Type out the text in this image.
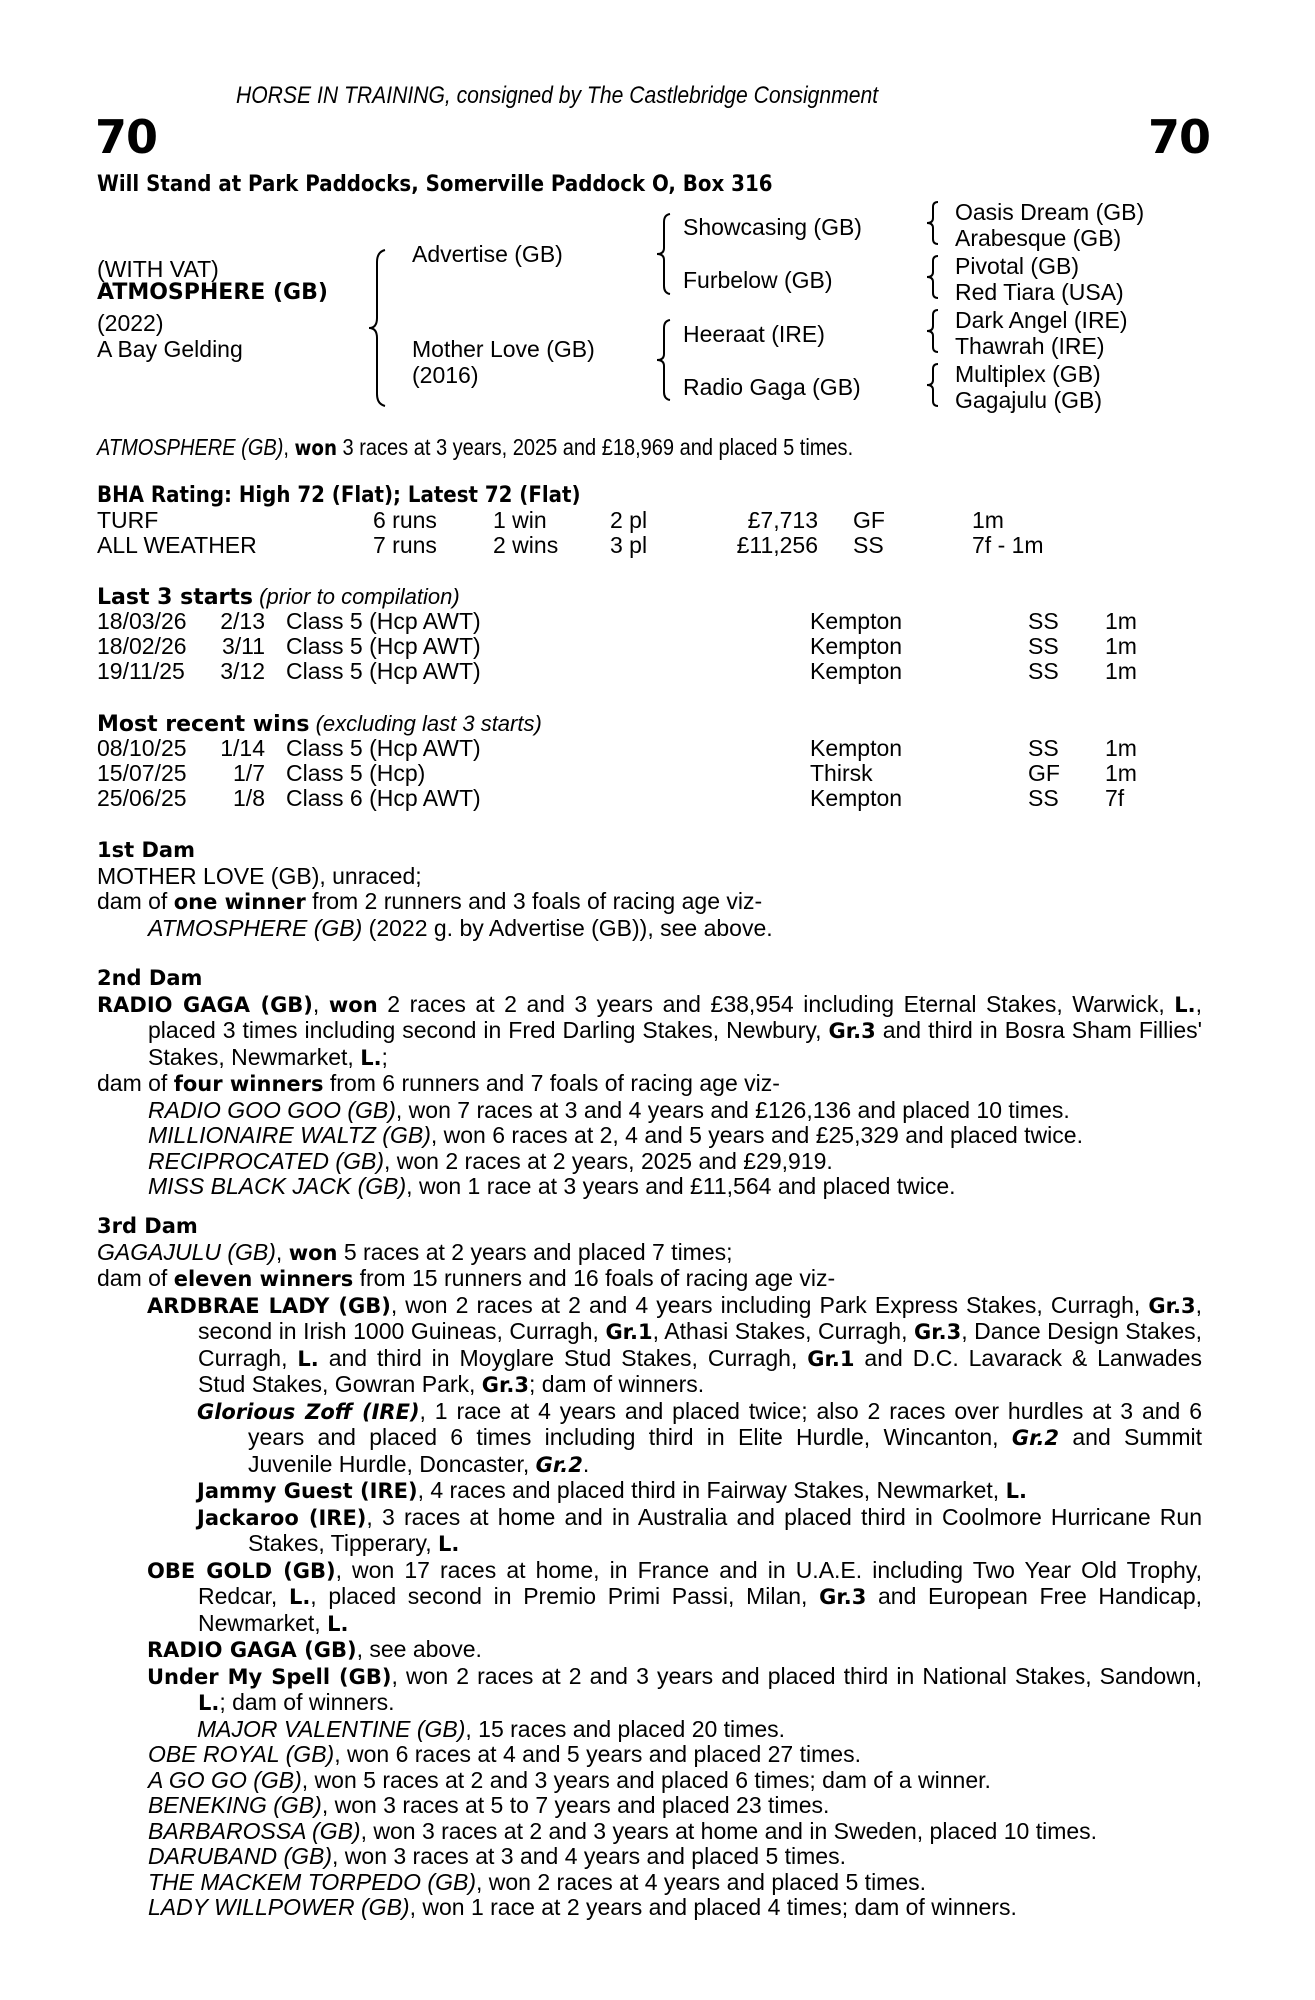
HORSE IN TRAINING, consigned by The Castlebridge Consignment
70	70
Will Stand at Park Paddocks, Somerville Paddock O, Box 316
(WITH VAT)
ATMOSPHERE (GB)
(2022)
A Bay Gelding
Advertise (GB)
Mother Love (GB)
(2016)
Showcasing (GB)
Furbelow (GB)
Heeraat (IRE)
Radio Gaga (GB)
Oasis Dream (GB)
Arabesque (GB)
Pivotal (GB)
Red Tiara (USA)
Dark Angel (IRE)
Thawrah (IRE)
Multiplex (GB)
Gagajulu (GB)
ATMOSPHERE (GB), won 3 races at 3 years, 2025 and £18,969 and placed 5 times.
BHA Rating: High 72 (Flat); Latest 72 (Flat)
TURF	6 runs 1 win	2 pl	£7,713 GF	1m
ALL WEATHER	7 runs 2 wins 3 pl	£11,256 SS	7f - 1m
Last 3 starts (prior to compilation)
18/03/26	2/13 Class 5 (Hcp AWT)	Kempton	SS 1m
18/02/26	3/11 Class 5 (Hcp AWT)	Kempton	SS 1m
19/11/25	3/12 Class 5 (Hcp AWT)	Kempton	SS 1m
Most recent wins (excluding last 3 starts)
08/10/25	1/14 Class 5 (Hcp AWT)	Kempton	SS 1m
15/07/25	1/7 Class 5 (Hcp)	Thirsk	GF 1m
25/06/25	1/8 Class 6 (Hcp AWT)	Kempton	SS 7f
1st Dam
MOTHER LOVE (GB), unraced;
dam of one winner from 2 runners and 3 foals of racing age viz-
ATMOSPHERE (GB) (2022 g. by Advertise (GB)), see above.
2nd Dam
RADIO GAGA (GB), won 2 races at 2 and 3 years and £38,954 including Eternal Stakes, Warwick, L., placed 3 times including second in Fred Darling Stakes, Newbury, Gr.3 and third in Bosra Sham Fillies' Stakes, Newmarket, L.;
dam of four winners from 6 runners and 7 foals of racing age viz-
RADIO GOO GOO (GB), won 7 races at 3 and 4 years and £126,136 and placed 10 times.
MILLIONAIRE WALTZ (GB), won 6 races at 2, 4 and 5 years and £25,329 and placed twice.
RECIPROCATED (GB), won 2 races at 2 years, 2025 and £29,919.
MISS BLACK JACK (GB), won 1 race at 3 years and £11,564 and placed twice.
3rd Dam
GAGAJULU (GB), won 5 races at 2 years and placed 7 times;
dam of eleven winners from 15 runners and 16 foals of racing age viz-
ARDBRAE LADY (GB), won 2 races at 2 and 4 years including Park Express Stakes, Curragh, Gr.3, second in Irish 1000 Guineas, Curragh, Gr.1, Athasi Stakes, Curragh, Gr.3, Dance Design Stakes, Curragh, L. and third in Moyglare Stud Stakes, Curragh, Gr.1 and D.C. Lavarack & Lanwades Stud Stakes, Gowran Park, Gr.3; dam of winners.
Glorious Zoff (IRE), 1 race at 4 years and placed twice; also 2 races over hurdles at 3 and 6 years and placed 6 times including third in Elite Hurdle, Wincanton, Gr.2 and Summit Juvenile Hurdle, Doncaster, Gr.2.
Jammy Guest (IRE), 4 races and placed third in Fairway Stakes, Newmarket, L.
Jackaroo (IRE), 3 races at home and in Australia and placed third in Coolmore Hurricane Run Stakes, Tipperary, L.
OBE GOLD (GB), won 17 races at home, in France and in U.A.E. including Two Year Old Trophy, Redcar, L., placed second in Premio Primi Passi, Milan, Gr.3 and European Free Handicap, Newmarket, L.
RADIO GAGA (GB), see above.
Under My Spell (GB), won 2 races at 2 and 3 years and placed third in National Stakes, Sandown, L.; dam of winners.
MAJOR VALENTINE (GB), 15 races and placed 20 times.
OBE ROYAL (GB), won 6 races at 4 and 5 years and placed 27 times.
A GO GO (GB), won 5 races at 2 and 3 years and placed 6 times; dam of a winner.
BENEKING (GB), won 3 races at 5 to 7 years and placed 23 times.
BARBAROSSA (GB), won 3 races at 2 and 3 years at home and in Sweden, placed 10 times.
DARUBAND (GB), won 3 races at 3 and 4 years and placed 5 times.
THE MACKEM TORPEDO (GB), won 2 races at 4 years and placed 5 times.
LADY WILLPOWER (GB), won 1 race at 2 years and placed 4 times; dam of winners.
